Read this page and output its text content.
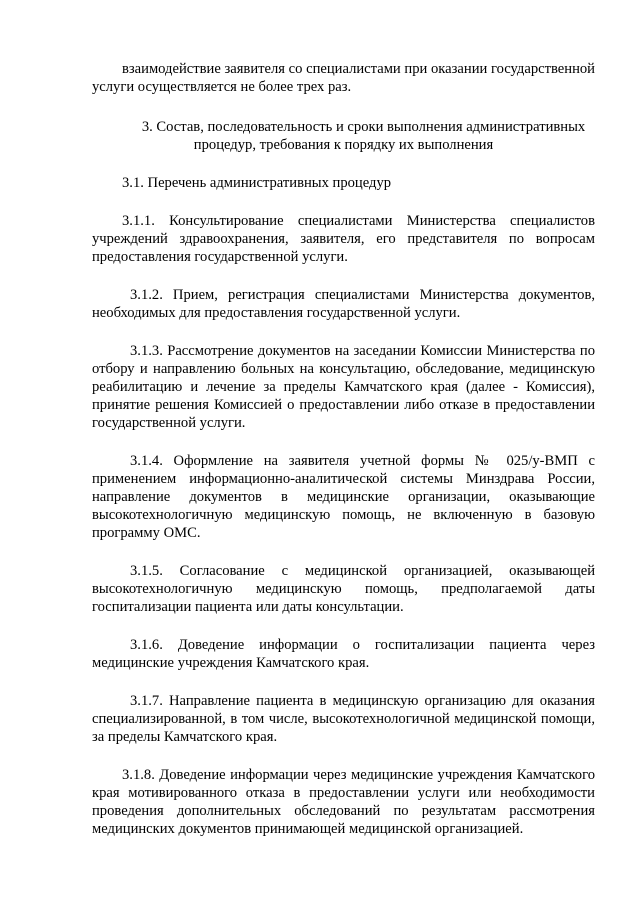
взаимодействие заявителя со специалистами при оказании государственной услуги осуществляется не более трех раз.

3. Состав, последовательность и сроки выполнения административных

процедур, требования к порядку их выполнения

3.1. Перечень административных процедур

3.1.1. Консультирование специалистами Министерства специалистов учреждений здравоохранения, заявителя, его представителя по вопросам предоставления государственной услуги.

3.1.2. Прием, регистрация специалистами Министерства документов, необходимых для предоставления государственной услуги.

3.1.3. Рассмотрение документов на заседании Комиссии Министерства по отбору и направлению больных на консультацию, обследование, медицинскую реабилитацию и лечение за пределы Камчатского края (далее - Комиссия), принятие решения Комиссией о предоставлении либо отказе в предоставлении государственной услуги.

3.1.4. Оформление на заявителя учетной формы № 025/у-ВМП с применением информационно-аналитической системы Минздрава России, направление документов в медицинские организации, оказывающие высокотехнологичную медицинскую помощь, не включенную в базовую программу ОМС.

3.1.5. Согласование с медицинской организацией, оказывающей высокотехнологичную медицинскую помощь, предполагаемой даты госпитализации пациента или даты консультации.

3.1.6. Доведение информации о госпитализации пациента через медицинские учреждения Камчатского края.

3.1.7. Направление пациента в медицинскую организацию для оказания специализированной, в том числе, высокотехнологичной медицинской помощи, за пределы Камчатского края.

3.1.8. Доведение информации через медицинские учреждения Камчатского края мотивированного отказа в предоставлении услуги или необходимости проведения дополнительных обследований по результатам рассмотрения медицинских документов принимающей медицинской организацией.
